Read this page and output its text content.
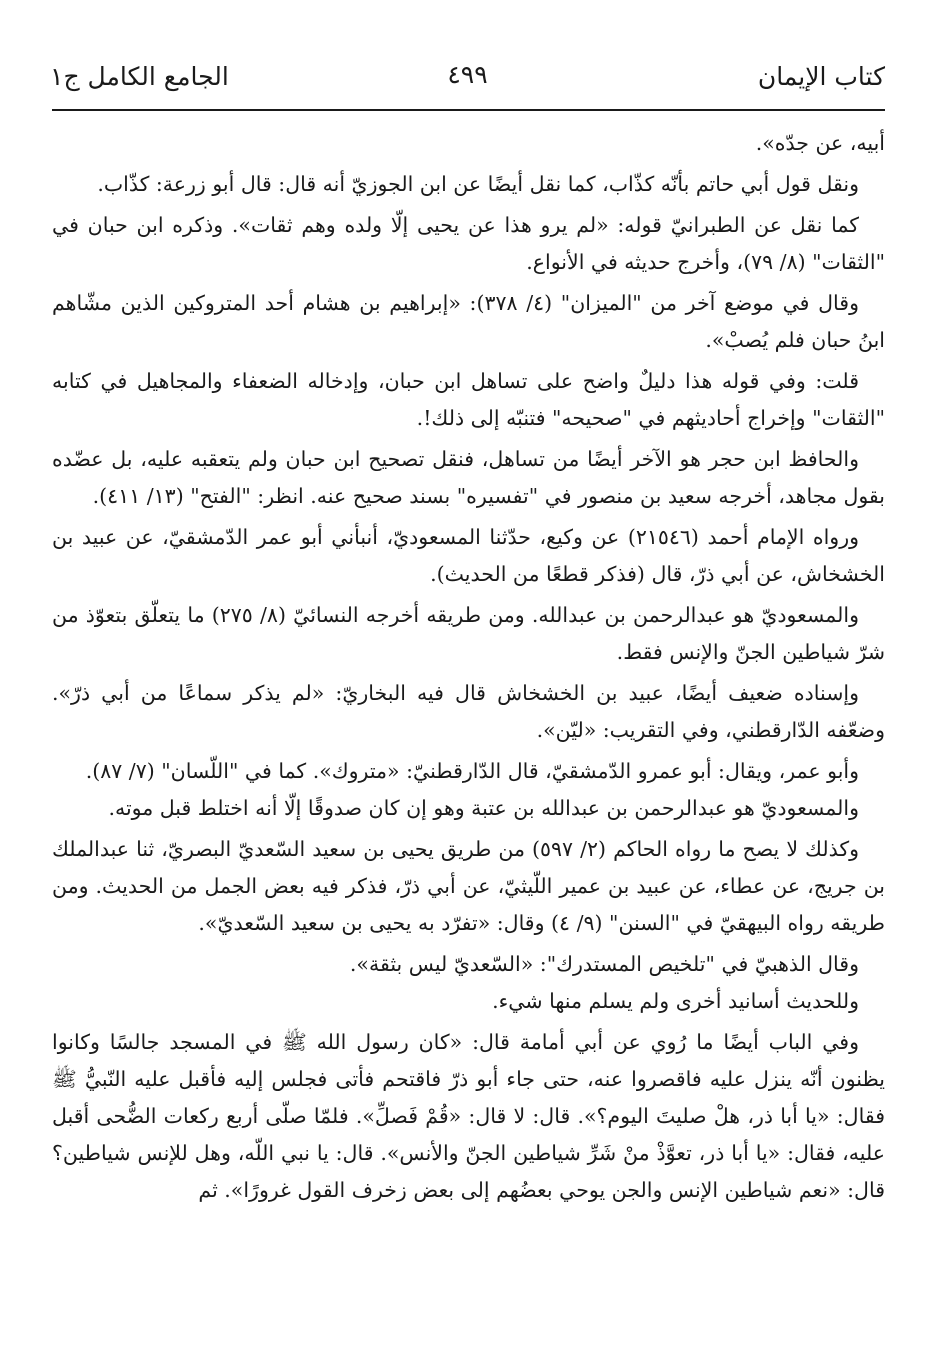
كتاب الإيمان
٤٩٩
الجامع الكامل ج١

أبيه، عن جدّه».

ونقل قول أبي حاتم بأنّه كذّاب، كما نقل أيضًا عن ابن الجوزيّ أنه قال: قال أبو زرعة: كذّاب.

كما نقل عن الطبرانيّ قوله: «لم يرو هذا عن يحيى إلّا ولده وهم ثقات». وذكره ابن حبان في "الثقات" (٨/ ٧٩)، وأخرج حديثه في الأنواع.

وقال في موضع آخر من "الميزان" (٤/ ٣٧٨): «إبراهيم بن هشام أحد المتروكين الذين مشّاهم ابنُ حبان فلم يُصبْ».

قلت: وفي قوله هذا دليلٌ واضح على تساهل ابن حبان، وإدخاله الضعفاء والمجاهيل في كتابه "الثقات" وإخراج أحاديثهم في "صحيحه" فتنبّه إلى ذلك!.

والحافظ ابن حجر هو الآخر أيضًا من تساهل، فنقل تصحيح ابن حبان ولم يتعقبه عليه، بل عضّده بقول مجاهد، أخرجه سعيد بن منصور في "تفسيره" بسند صحيح عنه. انظر: "الفتح" (١٣/ ٤١١).

ورواه الإمام أحمد (٢١٥٤٦) عن وكيع، حدّثنا المسعوديّ، أنبأني أبو عمر الدّمشقيّ، عن عبيد بن الخشخاش، عن أبي ذرّ، قال (فذكر قطعًا من الحديث).

والمسعوديّ هو عبدالرحمن بن عبدالله. ومن طريقه أخرجه النسائيّ (٨/ ٢٧٥) ما يتعلّق بتعوّذ من شرّ شياطين الجنّ والإنس فقط.

وإسناده ضعيف أيضًا، عبيد بن الخشخاش قال فيه البخاريّ: «لم يذكر سماعًا من أبي ذرّ». وضعّفه الدّارقطني، وفي التقريب: «ليّن».

وأبو عمر، ويقال: أبو عمرو الدّمشقيّ، قال الدّارقطنيّ: «متروك». كما في "اللّسان" (٧/ ٨٧).

والمسعوديّ هو عبدالرحمن بن عبدالله بن عتبة وهو إن كان صدوقًا إلّا أنه اختلط قبل موته.

وكذلك لا يصح ما رواه الحاكم (٢/ ٥٩٧) من طريق يحيى بن سعيد السّعديّ البصريّ، ثنا عبدالملك بن جريج، عن عطاء، عن عبيد بن عمير اللّيثيّ، عن أبي ذرّ، فذكر فيه بعض الجمل من الحديث. ومن طريقه رواه البيهقيّ في "السنن" (٩/ ٤) وقال: «تفرّد به يحيى بن سعيد السّعديّ».

وقال الذهبيّ في "تلخيص المستدرك": «السّعديّ ليس بثقة».

وللحديث أسانيد أخرى ولم يسلم منها شيء.

وفي الباب أيضًا ما رُوي عن أبي أمامة قال: «كان رسول الله ﷺ في المسجد جالسًا وكانوا يظنون أنّه ينزل عليه فاقصروا عنه، حتى جاء أبو ذرّ فاقتحم فأتى فجلس إليه فأقبل عليه النّبيُّ ﷺ فقال: «يا أبا ذر، هلْ صليتَ اليوم؟». قال: لا قال: «قُمْ فَصلِّ». فلمّا صلّى أربع ركعات الضُّحى أقبل عليه، فقال: «يا أبا ذر، تعوَّذْ منْ شَرِّ شياطين الجنّ والأنس». قال: يا نبي اللّه، وهل للإنس شياطين؟ قال: «نعم شياطين الإنس والجن يوحي بعضُهم إلى بعض زخرف القول غرورًا». ثم
